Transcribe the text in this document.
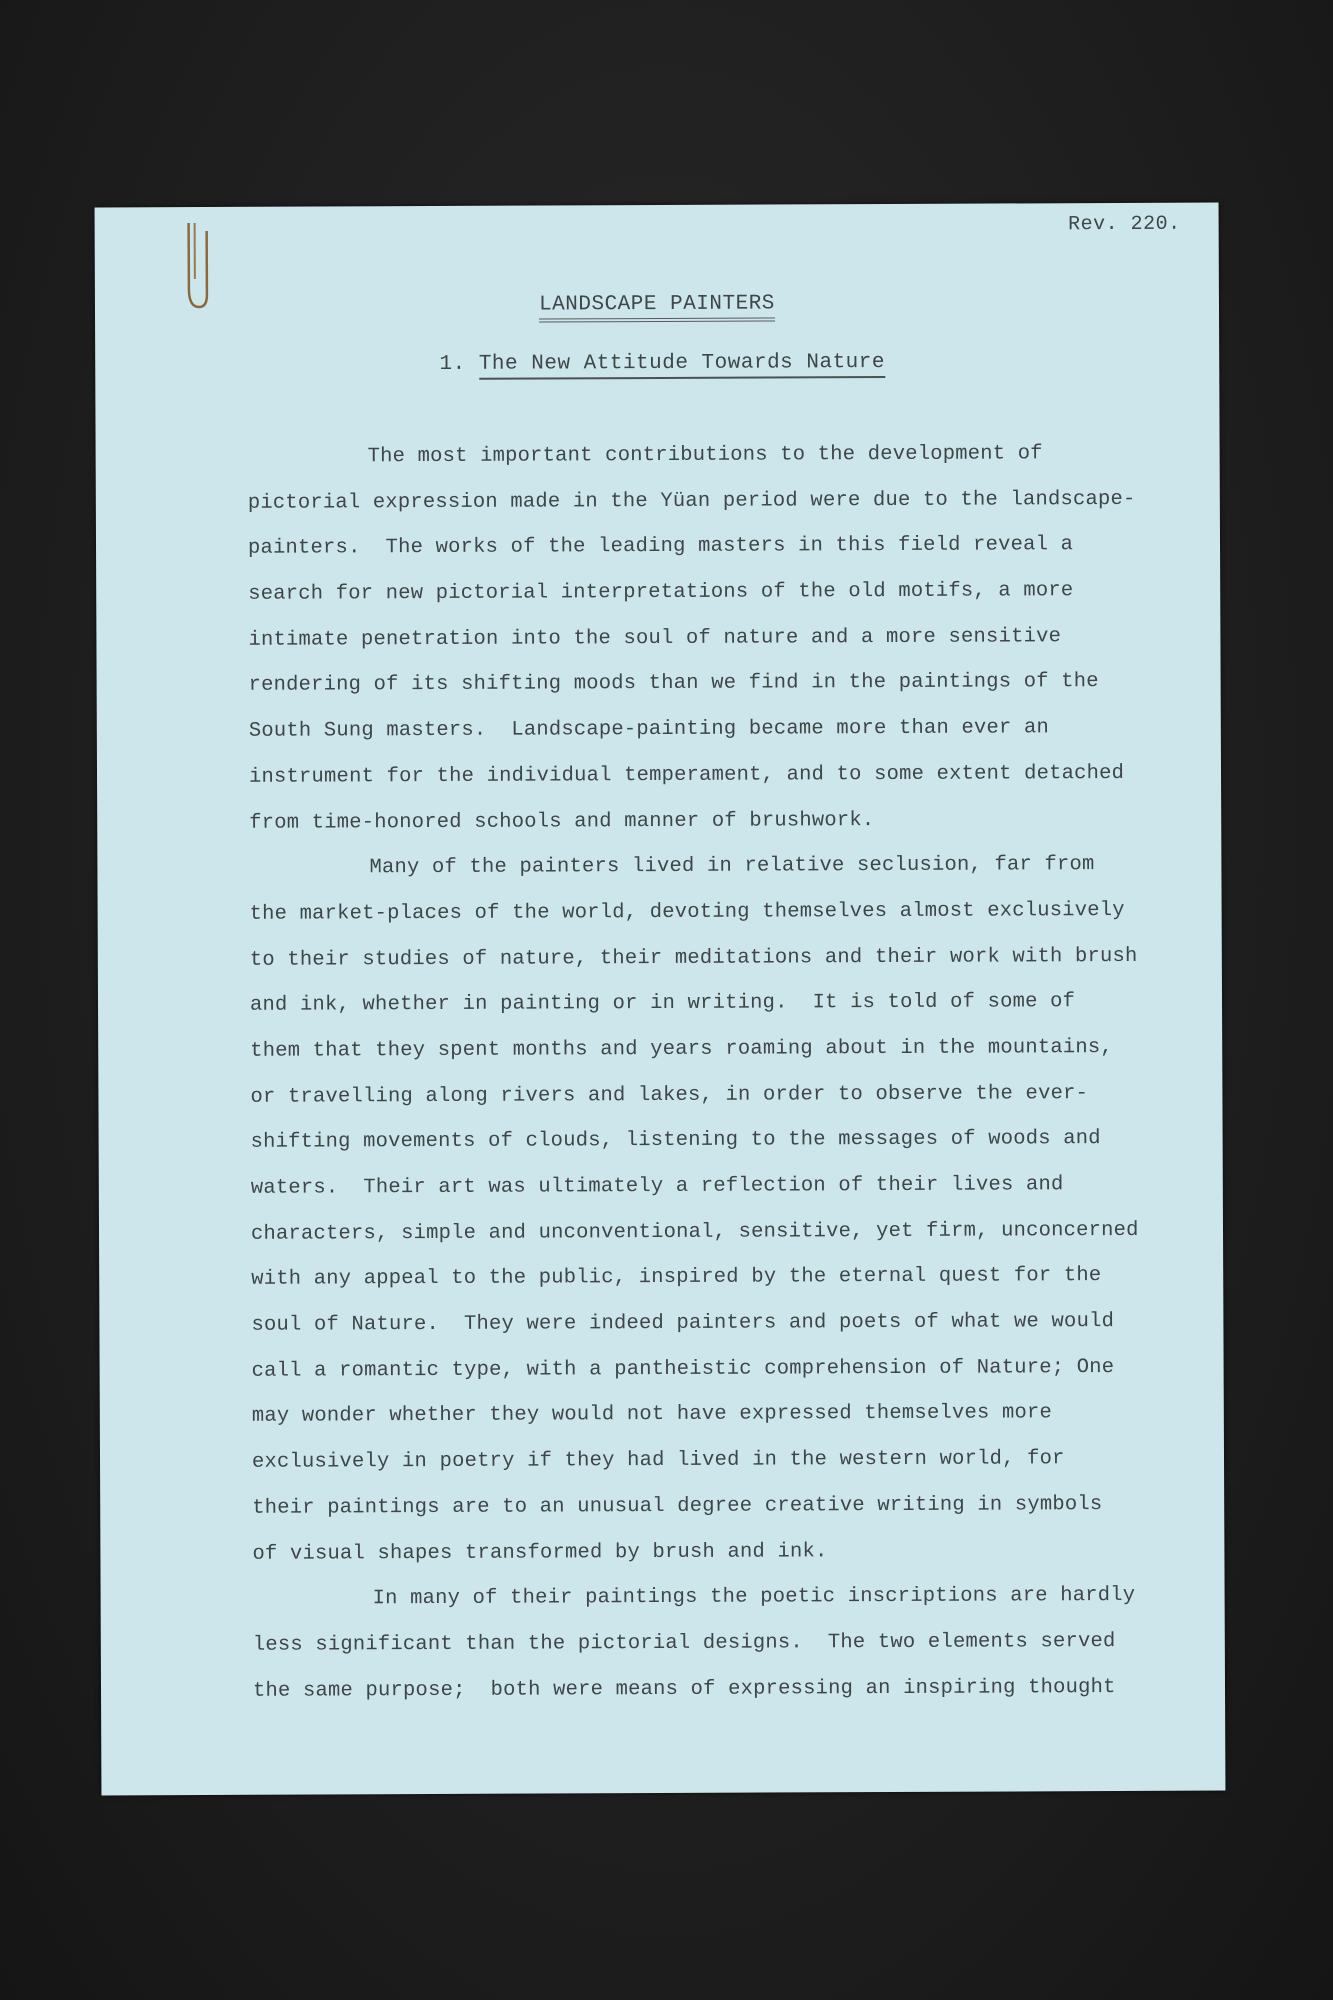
Rev. 220.
LANDSCAPE PAINTERS
1. The New Attitude Towards Nature
The most important contributions to the development of
pictorial expression made in the Yüan period were due to the landscape-
painters.  The works of the leading masters in this field reveal a
search for new pictorial interpretations of the old motifs, a more
intimate penetration into the soul of nature and a more sensitive
rendering of its shifting moods than we find in the paintings of the
South Sung masters.  Landscape-painting became more than ever an
instrument for the individual temperament, and to some extent detached
from time-honored schools and manner of brushwork.
Many of the painters lived in relative seclusion, far from
the market-places of the world, devoting themselves almost exclusively
to their studies of nature, their meditations and their work with brush
and ink, whether in painting or in writing.  It is told of some of
them that they spent months and years roaming about in the mountains,
or travelling along rivers and lakes, in order to observe the ever-
shifting movements of clouds, listening to the messages of woods and
waters.  Their art was ultimately a reflection of their lives and
characters, simple and unconventional, sensitive, yet firm, unconcerned
with any appeal to the public, inspired by the eternal quest for the
soul of Nature.  They were indeed painters and poets of what we would
call a romantic type, with a pantheistic comprehension of Nature; One
may wonder whether they would not have expressed themselves more
exclusively in poetry if they had lived in the western world, for
their paintings are to an unusual degree creative writing in symbols
of visual shapes transformed by brush and ink.
In many of their paintings the poetic inscriptions are hardly
less significant than the pictorial designs.  The two elements served
the same purpose;  both were means of expressing an inspiring thought
